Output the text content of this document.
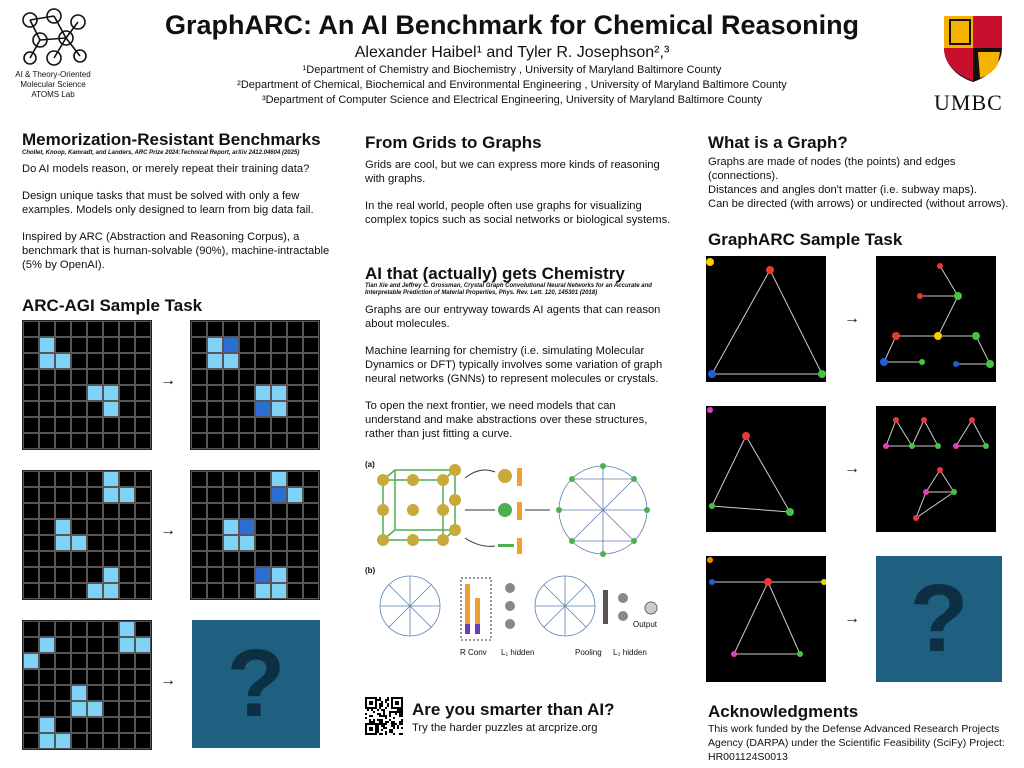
AI & Theory-Oriented
Molecular Science
ATOMS Lab
GraphARC: An AI Benchmark for Chemical Reasoning
Alexander Haibel¹ and Tyler R. Josephson²,³
¹Department of Chemistry and Biochemistry , University of Maryland Baltimore County
²Department of Chemical, Biochemical and Environmental Engineering , University of Maryland Baltimore County
³Department of Computer Science and Electrical Engineering, University of Maryland Baltimore County	UMBC
Memorization-Resistant Benchmarks
Chollet, Knoop, Kamradt, and Landers, ARC Prize 2024:Technical Report, arXiv 2412.04604 (2025)

Do AI models reason, or merely repeat their training data?

Design unique tasks that must be solved with only a few examples. Models only designed to learn from big data fail.

Inspired by ARC (Abstraction and Reasoning Corpus), a benchmark that is human-solvable (90%), machine-intractable (5% by OpenAI).

ARC-AGI Sample Task
→
→
→ ?
From Grids to Graphs

Grids are cool, but we can express more kinds of reasoning with graphs.

In the real world, people often use graphs for visualizing complex topics such as social networks or biological systems.

AI that (actually) gets Chemistry
Tian Xie and Jeffrey C. Grossman, Crystal Graph Convolutional Neural Networks for an Accurate and Interpretable Prediction of Material Properties, Phys. Rev. Lett. 120, 145301 (2018)

Graphs are our entryway towards AI agents that can reason about molecules.

Machine learning for chemistry (i.e. simulating Molecular Dynamics or DFT) typically involves some variation of graph neural networks (GNNs) to represent molecules or crystals.

To open the next frontier, we need models that can understand and make abstractions over these structures, rather than just fitting a curve.

(a)
(b)
R Conv L₁ hidden	Pooling L₂ hidden
Output
Are you smarter than AI?
Try the harder puzzles at arcprize.org
What is a Graph?
Graphs are made of nodes (the points) and edges (connections).
Distances and angles don't matter (i.e. subway maps).
Can be directed (with arrows) or undirected (without arrows).
GraphARC Sample Task
→
→
→ ?
Acknowledgments
This work funded by the Defense Advanced Research Projects Agency (DARPA) under the Scientific Feasibility (SciFy) Project: HR001124S0013
